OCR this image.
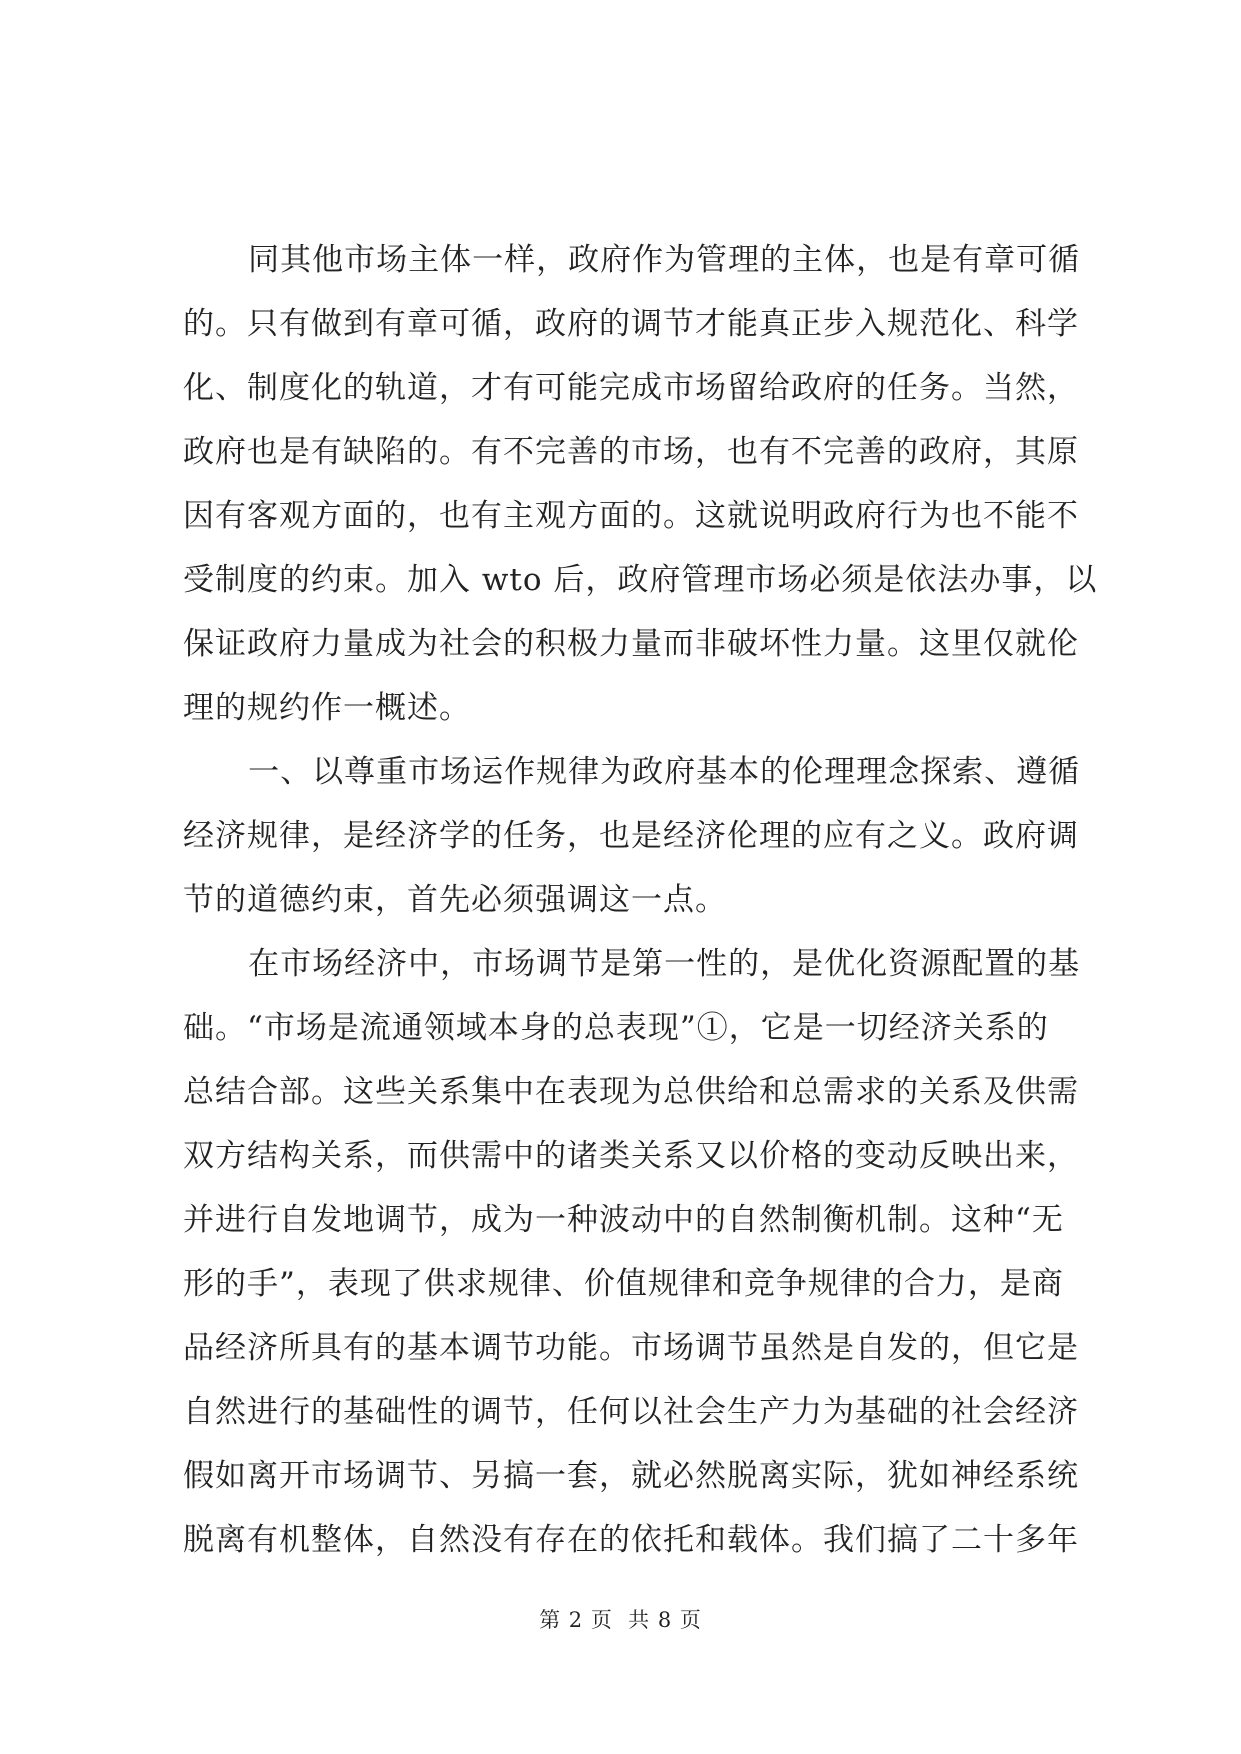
同其他市场主体一样，政府作为管理的主体，也是有章可循
的。只有做到有章可循，政府的调节才能真正步入规范化、科学
化、制度化的轨道，才有可能完成市场留给政府的任务。当然，
政府也是有缺陷的。有不完善的市场，也有不完善的政府，其原
因有客观方面的，也有主观方面的。这就说明政府行为也不能不
受制度的约束。加入 wto 后，政府管理市场必须是依法办事，以
保证政府力量成为社会的积极力量而非破坏性力量。这里仅就伦
理的规约作一概述。
一、以尊重市场运作规律为政府基本的伦理理念探索、遵循
经济规律，是经济学的任务，也是经济伦理的应有之义。政府调
节的道德约束，首先必须强调这一点。
在市场经济中，市场调节是第一性的，是优化资源配置的基
础。“市场是流通领域本身的总表现”①，它是一切经济关系的
总结合部。这些关系集中在表现为总供给和总需求的关系及供需
双方结构关系，而供需中的诸类关系又以价格的变动反映出来，
并进行自发地调节，成为一种波动中的自然制衡机制。这种“无
形的手”，表现了供求规律、价值规律和竞争规律的合力，是商
品经济所具有的基本调节功能。市场调节虽然是自发的，但它是
自然进行的基础性的调节，任何以社会生产力为基础的社会经济
假如离开市场调节、另搞一套，就必然脱离实际，犹如神经系统
脱离有机整体，自然没有存在的依托和载体。我们搞了二十多年
第 2 页  共 8 页
